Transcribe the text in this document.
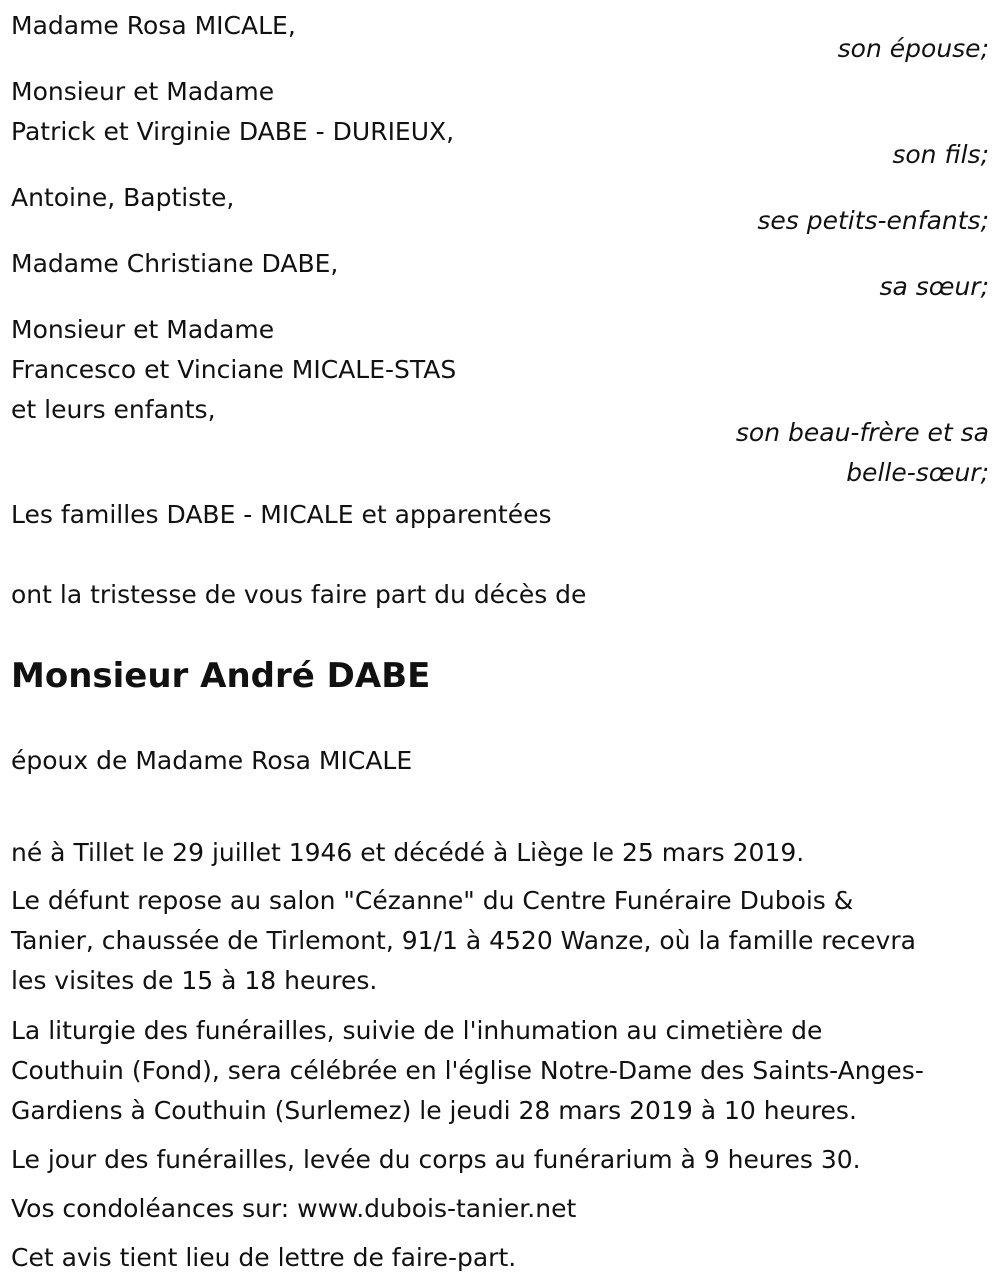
Madame Rosa MICALE,
son épouse;
Monsieur et Madame
Patrick et Virginie DABE - DURIEUX,
son fils;
Antoine, Baptiste,
ses petits-enfants;
Madame Christiane DABE,
sa sœur;
Monsieur et Madame
Francesco et Vinciane MICALE-STAS
et leurs enfants,
son beau-frère et sa
belle-sœur;
Les familles DABE - MICALE et apparentées
ont la tristesse de vous faire part du décès de
Monsieur André DABE
époux de Madame Rosa MICALE
né à Tillet le 29 juillet 1946 et décédé à Liège le 25 mars 2019.
Le défunt repose au salon "Cézanne" du Centre Funéraire Dubois &
Tanier, chaussée de Tirlemont, 91/1 à 4520 Wanze, où la famille recevra
les visites de 15 à 18 heures.
La liturgie des funérailles, suivie de l'inhumation au cimetière de
Couthuin (Fond), sera célébrée en l'église Notre-Dame des Saints-Anges-
Gardiens à Couthuin (Surlemez) le jeudi 28 mars 2019 à 10 heures.
Le jour des funérailles, levée du corps au funérarium à 9 heures 30.
Vos condoléances sur: www.dubois-tanier.net
Cet avis tient lieu de lettre de faire-part.
